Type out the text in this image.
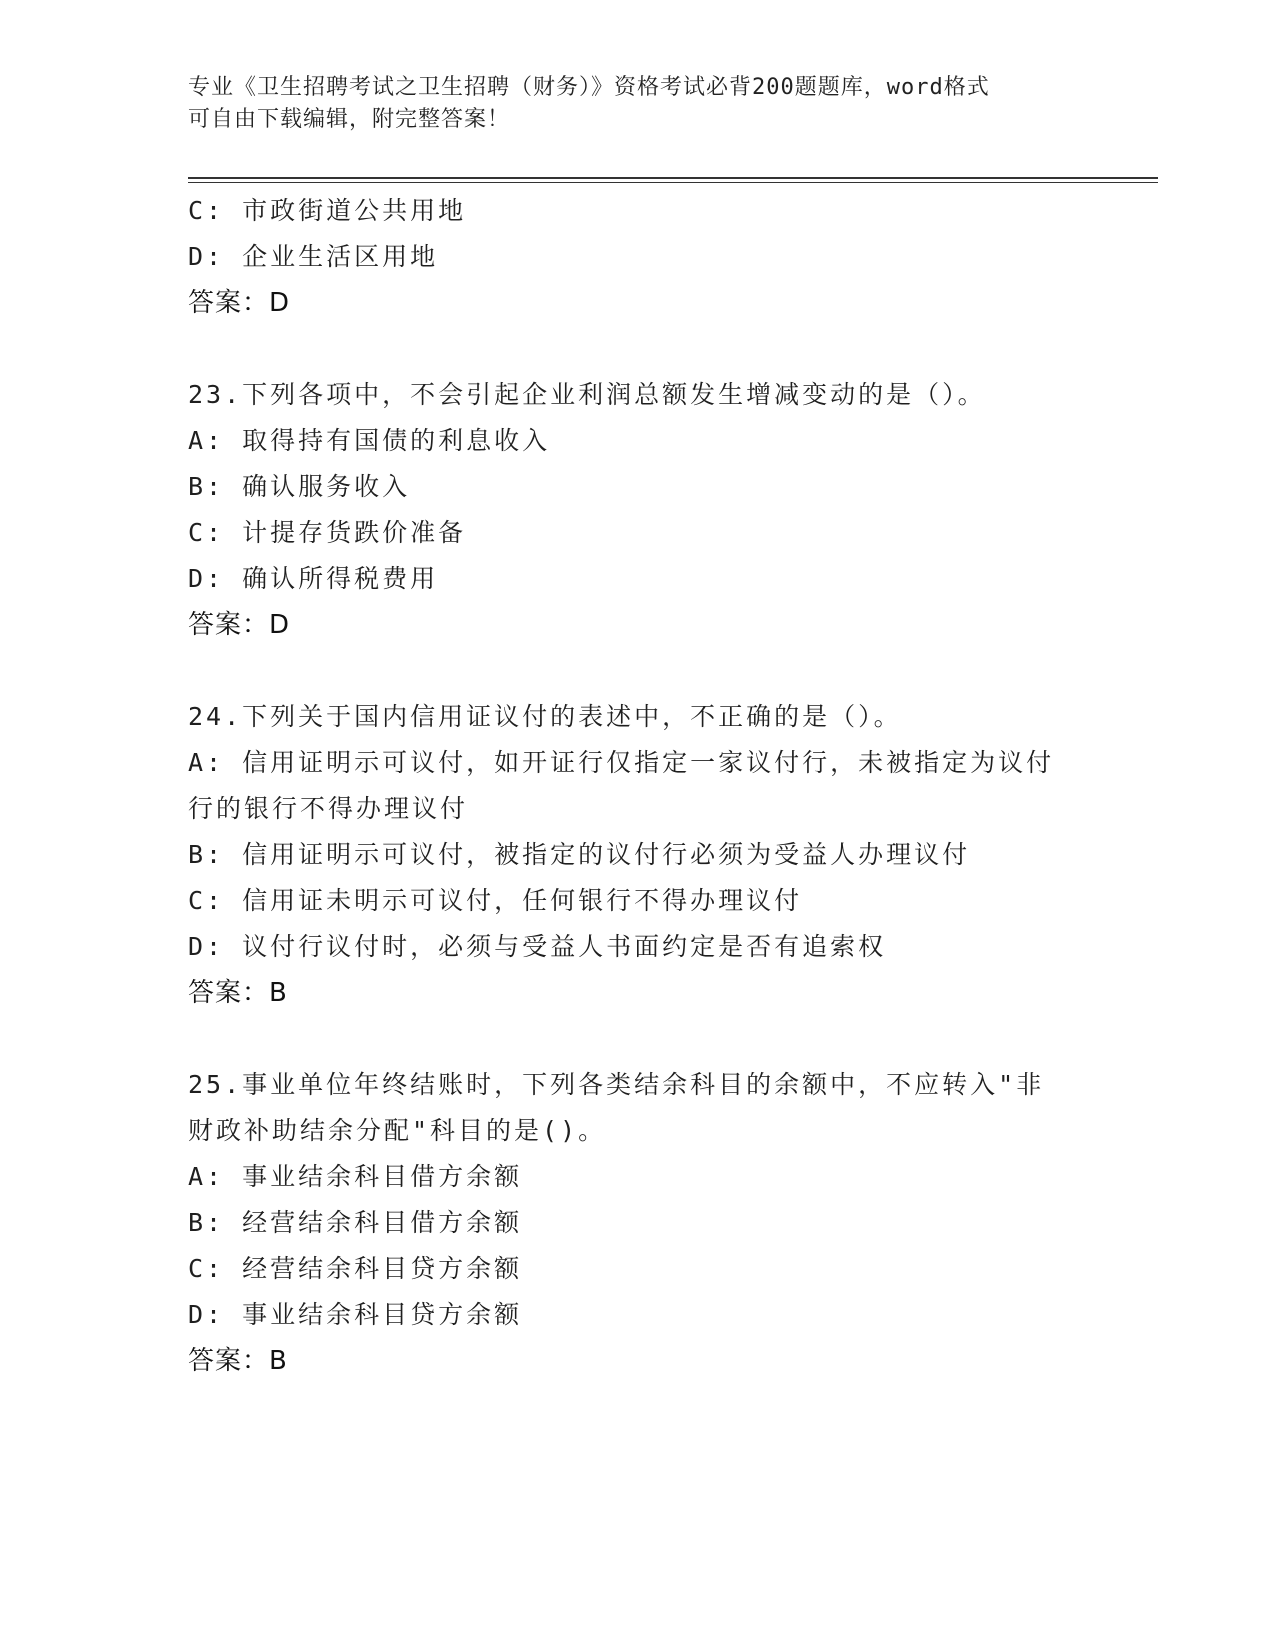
专业《卫生招聘考试之卫生招聘（财务）》资格考试必背200题题库，word格式
可自由下载编辑，附完整答案！
C: 市政街道公共用地
D: 企业生活区用地
答案：D
23.下列各项中，不会引起企业利润总额发生增减变动的是（）。
A: 取得持有国债的利息收入
B: 确认服务收入
C: 计提存货跌价准备
D: 确认所得税费用
答案：D
24.下列关于国内信用证议付的表述中，不正确的是（）。
A: 信用证明示可议付，如开证行仅指定一家议付行，未被指定为议付
行的银行不得办理议付
B: 信用证明示可议付，被指定的议付行必须为受益人办理议付
C: 信用证未明示可议付，任何银行不得办理议付
D: 议付行议付时，必须与受益人书面约定是否有追索权
答案：B
25.事业单位年终结账时，下列各类结余科目的余额中，不应转入"非
财政补助结余分配"科目的是()。
A: 事业结余科目借方余额
B: 经营结余科目借方余额
C: 经营结余科目贷方余额
D: 事业结余科目贷方余额
答案：B
